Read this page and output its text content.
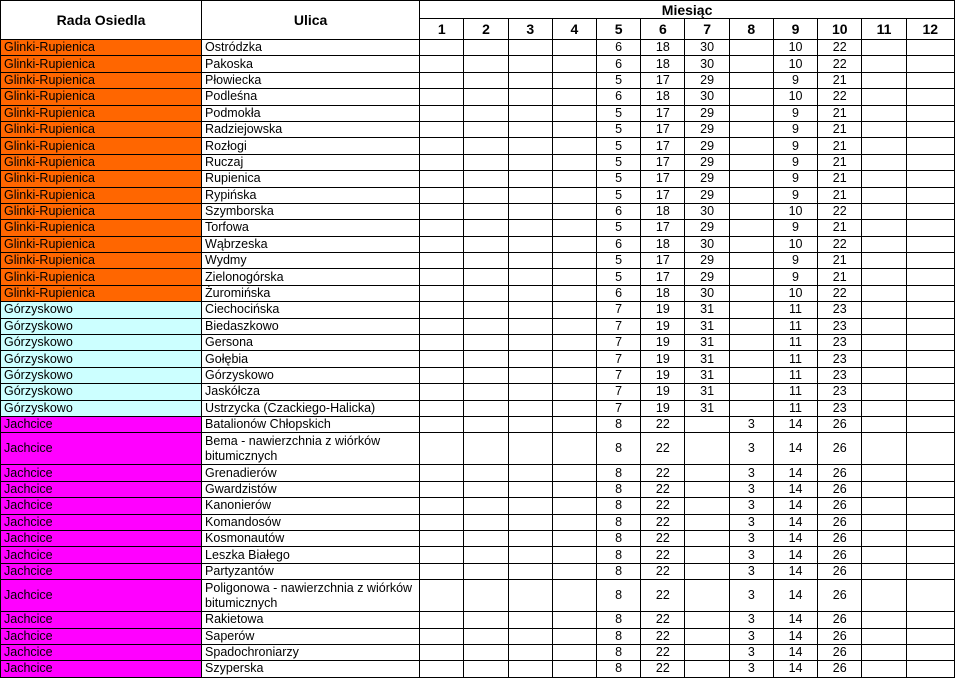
Rada Osiedla	Ulica	Miesiąc											
		1	2	3	4	5	6	7	8	9	10	11	12
Glinki-Rupienica	Ostródzka					6	18	30		10	22		
Glinki-Rupienica	Pakoska					6	18	30		10	22		
Glinki-Rupienica	Płowiecka					5	17	29		9	21		
Glinki-Rupienica	Podleśna					6	18	30		10	22		
Glinki-Rupienica	Podmokła					5	17	29		9	21		
Glinki-Rupienica	Radziejowska					5	17	29		9	21		
Glinki-Rupienica	Rozłogi					5	17	29		9	21		
Glinki-Rupienica	Ruczaj					5	17	29		9	21		
Glinki-Rupienica	Rupienica					5	17	29		9	21		
Glinki-Rupienica	Rypińska					5	17	29		9	21		
Glinki-Rupienica	Szymborska					6	18	30		10	22		
Glinki-Rupienica	Torfowa					5	17	29		9	21		
Glinki-Rupienica	Wąbrzeska					6	18	30		10	22		
Glinki-Rupienica	Wydmy					5	17	29		9	21		
Glinki-Rupienica	Zielonogórska					5	17	29		9	21		
Glinki-Rupienica	Żuromińska					6	18	30		10	22		
Górzyskowo	Ciechocińska					7	19	31		11	23		
Górzyskowo	Biedaszkowo					7	19	31		11	23		
Górzyskowo	Gersona					7	19	31		11	23		
Górzyskowo	Gołębia					7	19	31		11	23		
Górzyskowo	Górzyskowo					7	19	31		11	23		
Górzyskowo	Jaskółcza					7	19	31		11	23		
Górzyskowo	Ustrzycka (Czackiego-Halicka)					7	19	31		11	23		
Jachcice	Batalionów Chłopskich					8	22		3	14	26		
Jachcice	Bema - nawierzchnia z wiórków bitumicznych					8	22		3	14	26		
Jachcice	Grenadierów					8	22		3	14	26		
Jachcice	Gwardzistów					8	22		3	14	26		
Jachcice	Kanonierów					8	22		3	14	26		
Jachcice	Komandosów					8	22		3	14	26		
Jachcice	Kosmonautów					8	22		3	14	26		
Jachcice	Leszka Białego					8	22		3	14	26		
Jachcice	Partyzantów					8	22		3	14	26		
Jachcice	Poligonowa - nawierzchnia z wiórków bitumicznych					8	22		3	14	26		
Jachcice	Rakietowa					8	22		3	14	26		
Jachcice	Saperów					8	22		3	14	26		
Jachcice	Spadochroniarzy					8	22		3	14	26		
Jachcice	Szyperska					8	22		3	14	26		
